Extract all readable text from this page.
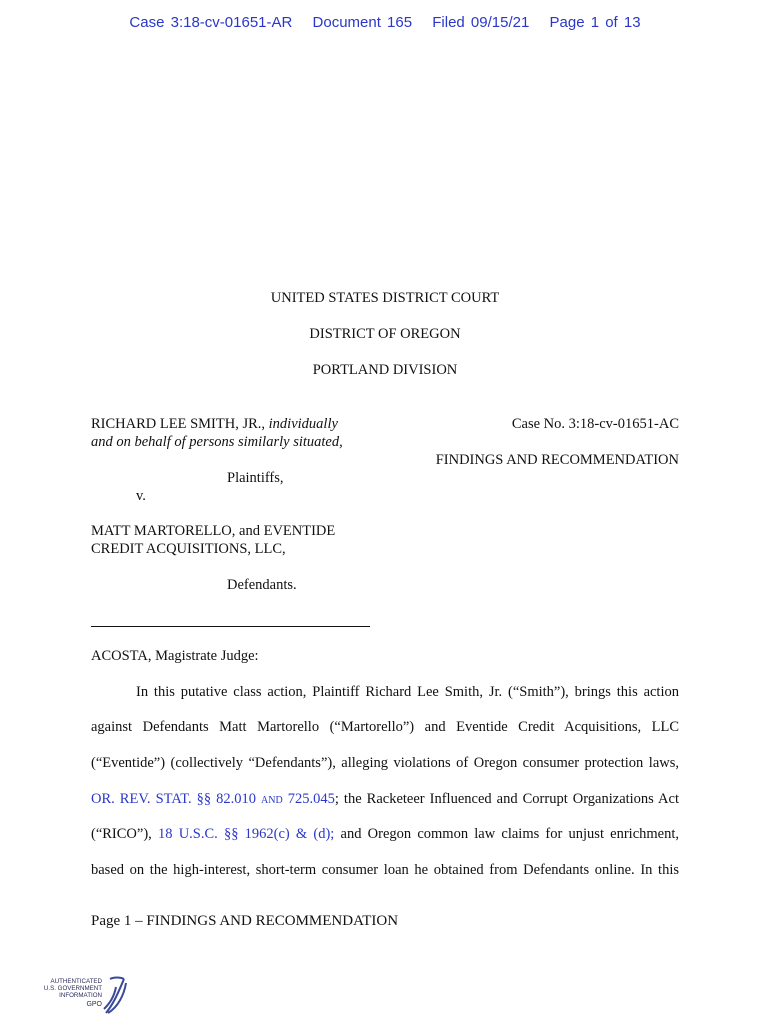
Case 3:18-cv-01651-AR Document 165 Filed 09/15/21 Page 1 of 13
UNITED STATES DISTRICT COURT
DISTRICT OF OREGON
PORTLAND DIVISION
RICHARD LEE SMITH, JR., individually
and on behalf of persons similarly situated,
Plaintiffs,
v.
MATT MARTORELLO, and EVENTIDE
CREDIT ACQUISITIONS, LLC,
Defendants.
Case No. 3:18-cv-01651-AC
FINDINGS AND RECOMMENDATION
ACOSTA, Magistrate Judge:
In this putative class action, Plaintiff Richard Lee Smith, Jr. (“Smith”), brings this action
against Defendants Matt Martorello (“Martorello”) and Eventide Credit Acquisitions, LLC
(“Eventide”) (collectively “Defendants”), alleging violations of Oregon consumer protection laws,
OR. REV. STAT. §§ 82.010 and 725.045; the Racketeer Influenced and Corrupt Organizations Act
(“RICO”), 18 U.S.C. §§ 1962(c) & (d); and Oregon common law claims for unjust enrichment,
based on the high-interest, short-term consumer loan he obtained from Defendants online. In this
Page 1 – FINDINGS AND RECOMMENDATION
AUTHENTICATED
U.S. GOVERNMENT
INFORMATION
GPO
